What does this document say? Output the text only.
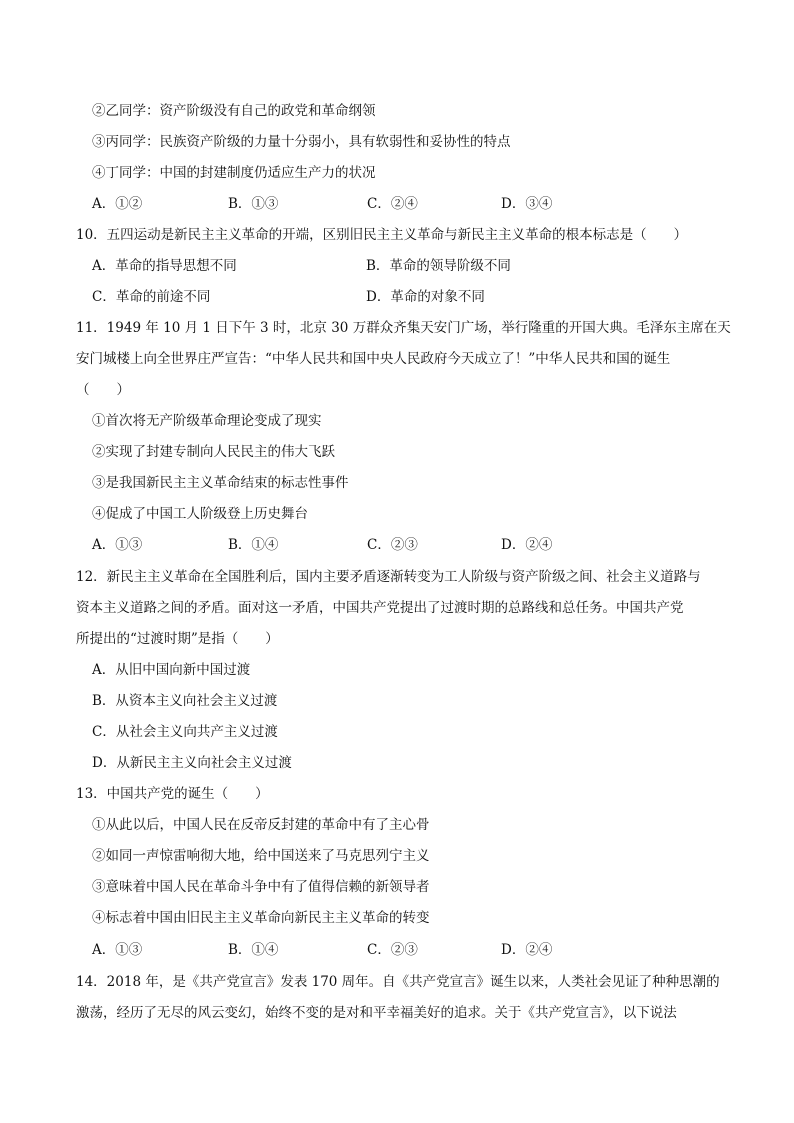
②乙同学：资产阶级没有自己的政党和革命纲领
③丙同学：民族资产阶级的力量十分弱小，具有软弱性和妥协性的特点
④丁同学：中国的封建制度仍适应生产力的状况
A．①②	B．①③	C．②④	D．③④
10．五四运动是新民主主义革命的开端，区别旧民主主义革命与新民主主义革命的根本标志是（　　）
A．革命的指导思想不同	B．革命的领导阶级不同
C．革命的前途不同	D．革命的对象不同
11．1949 年 10 月 1 日下午 3 时，北京 30 万群众齐集天安门广场，举行隆重的开国大典。毛泽东主席在天
安门城楼上向全世界庄严宣告：“中华人民共和国中央人民政府今天成立了！”中华人民共和国的诞生
（　　）
①首次将无产阶级革命理论变成了现实
②实现了封建专制向人民民主的伟大飞跃
③是我国新民主主义革命结束的标志性事件
④促成了中国工人阶级登上历史舞台
A．①③	B．①④	C．②③	D．②④
12．新民主主义革命在全国胜利后，国内主要矛盾逐渐转变为工人阶级与资产阶级之间、社会主义道路与
资本主义道路之间的矛盾。面对这一矛盾，中国共产党提出了过渡时期的总路线和总任务。中国共产党
所提出的“过渡时期”是指（　　）
A．从旧中国向新中国过渡
B．从资本主义向社会主义过渡
C．从社会主义向共产主义过渡
D．从新民主主义向社会主义过渡
13．中国共产党的诞生（　　）
①从此以后，中国人民在反帝反封建的革命中有了主心骨
②如同一声惊雷响彻大地，给中国送来了马克思列宁主义
③意味着中国人民在革命斗争中有了值得信赖的新领导者
④标志着中国由旧民主主义革命向新民主主义革命的转变
A．①③	B．①④	C．②③	D．②④
14．2018 年，是《共产党宣言》发表 170 周年。自《共产党宣言》诞生以来，人类社会见证了种种思潮的
激荡，经历了无尽的风云变幻，始终不变的是对和平幸福美好的追求。关于《共产党宣言》，以下说法
